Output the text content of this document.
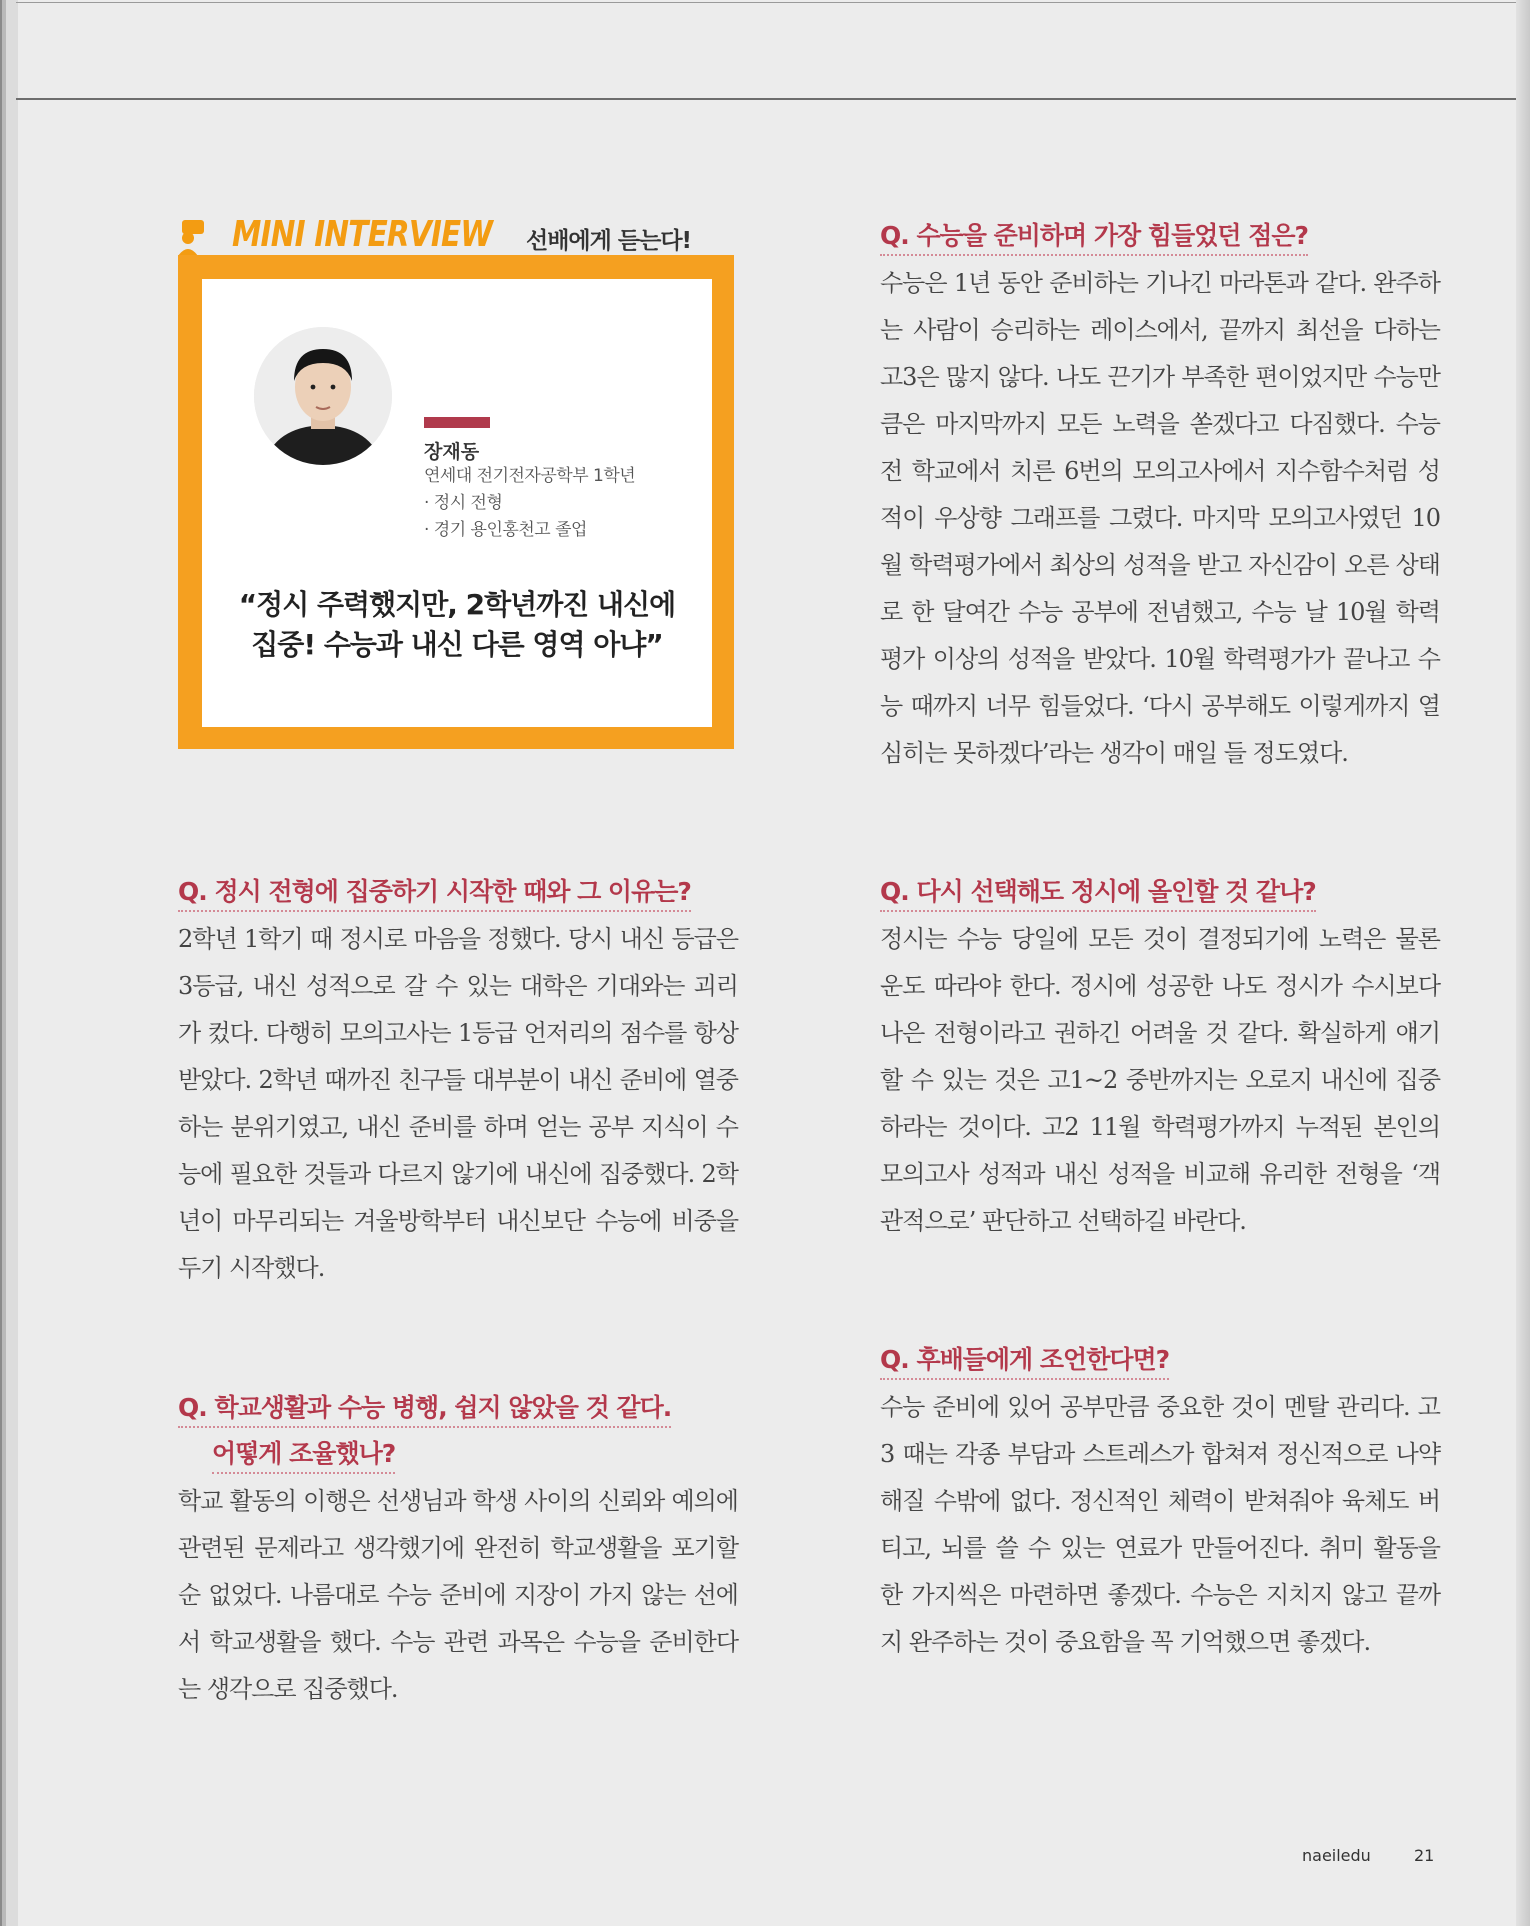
MINI INTERVIEW 선배에게 듣는다!
장재동
연세대 전기전자공학부 1학년
· 정시 전형
· 경기 용인홍천고 졸업
“정시 주력했지만, 2학년까진 내신에
집중! 수능과 내신 다른 영역 아냐”
Q. 정시 전형에 집중하기 시작한 때와 그 이유는?
2학년 1학기 때 정시로 마음을 정했다. 당시 내신 등급은 3등급, 내신 성적으로 갈 수 있는 대학은 기대와는 괴리가 컸다. 다행히 모의고사는 1등급 언저리의 점수를 항상 받았다. 2학년 때까진 친구들 대부분이 내신 준비에 열중하는 분위기였고, 내신 준비를 하며 얻는 공부 지식이 수능에 필요한 것들과 다르지 않기에 내신에 집중했다. 2학년이 마무리되는 겨울방학부터 내신보단 수능에 비중을 두기 시작했다.
Q. 학교생활과 수능 병행, 쉽지 않았을 것 같다.
어떻게 조율했나?
학교 활동의 이행은 선생님과 학생 사이의 신뢰와 예의에 관련된 문제라고 생각했기에 완전히 학교생활을 포기할 순 없었다. 나름대로 수능 준비에 지장이 가지 않는 선에서 학교생활을 했다. 수능 관련 과목은 수능을 준비한다는 생각으로 집중했다.
Q. 수능을 준비하며 가장 힘들었던 점은?
수능은 1년 동안 준비하는 기나긴 마라톤과 같다. 완주하는 사람이 승리하는 레이스에서, 끝까지 최선을 다하는 고3은 많지 않다. 나도 끈기가 부족한 편이었지만 수능만큼은 마지막까지 모든 노력을 쏟겠다고 다짐했다. 수능 전 학교에서 치른 6번의 모의고사에서 지수함수처럼 성적이 우상향 그래프를 그렸다. 마지막 모의고사였던 10월 학력평가에서 최상의 성적을 받고 자신감이 오른 상태로 한 달여간 수능 공부에 전념했고, 수능 날 10월 학력평가 이상의 성적을 받았다. 10월 학력평가가 끝나고 수능 때까지 너무 힘들었다. ‘다시 공부해도 이렇게까지 열심히는 못하겠다’라는 생각이 매일 들 정도였다.
Q. 다시 선택해도 정시에 올인할 것 같나?
정시는 수능 당일에 모든 것이 결정되기에 노력은 물론 운도 따라야 한다. 정시에 성공한 나도 정시가 수시보다 나은 전형이라고 권하긴 어려울 것 같다. 확실하게 얘기할 수 있는 것은 고1~2 중반까지는 오로지 내신에 집중하라는 것이다. 고2 11월 학력평가까지 누적된 본인의 모의고사 성적과 내신 성적을 비교해 유리한 전형을 ‘객관적으로’ 판단하고 선택하길 바란다.
Q. 후배들에게 조언한다면?
수능 준비에 있어 공부만큼 중요한 것이 멘탈 관리다. 고3 때는 각종 부담과 스트레스가 합쳐져 정신적으로 나약해질 수밖에 없다. 정신적인 체력이 받쳐줘야 육체도 버티고, 뇌를 쓸 수 있는 연료가 만들어진다. 취미 활동을 한 가지씩은 마련하면 좋겠다. 수능은 지치지 않고 끝까지 완주하는 것이 중요함을 꼭 기억했으면 좋겠다.
naeiledu	21
